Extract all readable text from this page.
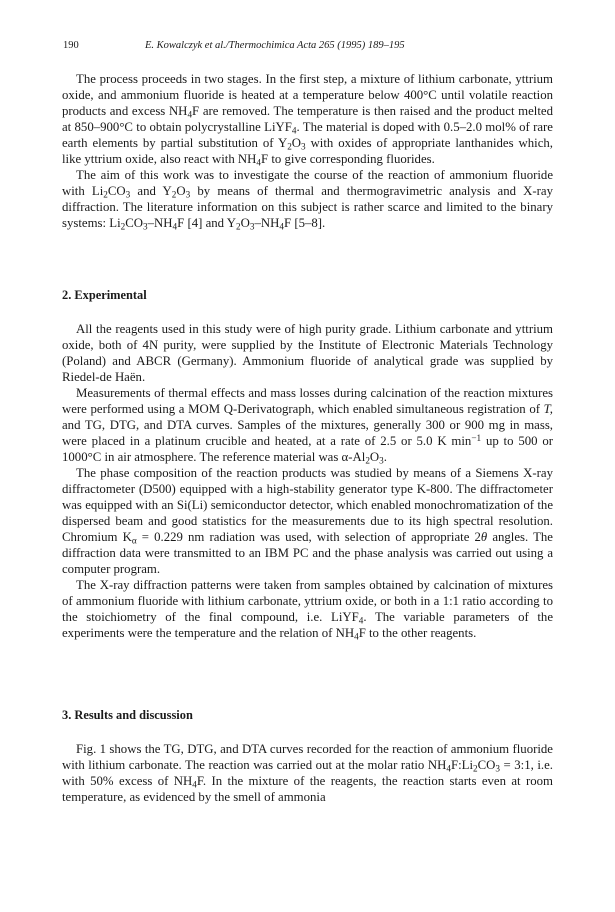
190	E. Kowalczyk et al./Thermochimica Acta 265 (1995) 189–195

The process proceeds in two stages. In the first step, a mixture of lithium carbonate, yttrium oxide, and ammonium fluoride is heated at a temperature below 400°C until volatile reaction products and excess $NH_4F$ are removed. The temperature is then raised and the product melted at 850–900°C to obtain polycrystalline LiYF$_4$. The material is doped with 0.5–2.0 mol% of rare earth elements by partial substitution of $Y_2O_3$ with oxides of appropriate lanthanides which, like yttrium oxide, also react with $NH_4F$ to give corresponding fluorides.

The aim of this work was to investigate the course of the reaction of ammonium fluoride with $Li_2CO_3$ and $Y_2O_3$ by means of thermal and thermogravimetric analysis and X-ray diffraction. The literature information on this subject is rather scarce and limited to the binary systems: $Li_2CO_3-NH_4F$ [4] and $Y_2O_3-NH_4F$ [5–8].

2. Experimental

All the reagents used in this study were of high purity grade. Lithium carbonate and yttrium oxide, both of 4N purity, were supplied by the Institute of Electronic Materials Technology (Poland) and ABCR (Germany). Ammonium fluoride of analytical grade was supplied by Riedel-de Haën.

Measurements of thermal effects and mass losses during calcination of the reaction mixtures were performed using a MOM Q-Derivatograph, which enabled simultaneous registration of T, and TG, DTG, and DTA curves. Samples of the mixtures, generally 300 or 900 mg in mass, were placed in a platinum crucible and heated, at a rate of 2.5 or 5.0 K $\min^{-1}$ up to 500 or 1000°C in air atmosphere. The reference material was $\alpha-Al_2O_3$.

The phase composition of the reaction products was studied by means of a Siemens X-ray diffractometer (D500) equipped with a high-stability generator type K-800. The diffractometer was equipped with an Si(Li) semiconductor detector, which enabled monochromatization of the dispersed beam and good statistics for the measurements due to its high spectral resolution. Chromium $K_\alpha = 0.229$ nm radiation was used, with selection of appropriate 2θ angles. The diffraction data were transmitted to an IBM PC and the phase analysis was carried out using a computer program.

The X-ray diffraction patterns were taken from samples obtained by calcination of mixtures of ammonium fluoride with lithium carbonate, yttrium oxide, or both in a 1:1 ratio according to the stoichiometry of the final compound, i.e. LiYF$_4$. The variable parameters of the experiments were the temperature and the relation of $NH_4F$ to the other reagents.

3. Results and discussion

Fig. 1 shows the TG, DTG, and DTA curves recorded for the reaction of ammonium fluoride with lithium carbonate. The reaction was carried out at the molar ratio $NH_4F:Li_2CO_3$ = 3:1, i.e. with 50% excess of $NH_4F$. In the mixture of the reagents, the reaction starts even at room temperature, as evidenced by the smell of ammonia
